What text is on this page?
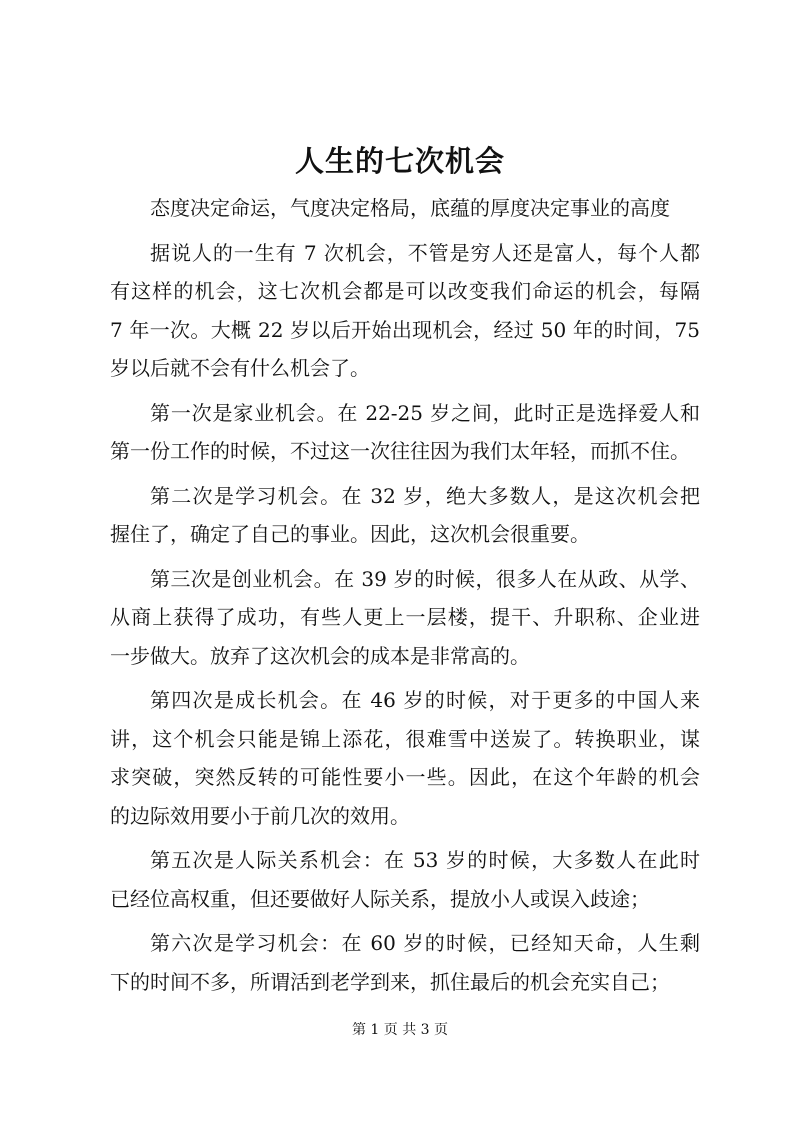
人生的七次机会

态度决定命运，气度决定格局，底蕴的厚度决定事业的高度

据说人的一生有 7 次机会，不管是穷人还是富人，每个人都
有这样的机会，这七次机会都是可以改变我们命运的机会，每隔
7 年一次。大概 22 岁以后开始出现机会，经过 50 年的时间，75
岁以后就不会有什么机会了。

第一次是家业机会。在 22-25 岁之间，此时正是选择爱人和
第一份工作的时候，不过这一次往往因为我们太年轻，而抓不住。

第二次是学习机会。在 32 岁，绝大多数人，是这次机会把
握住了，确定了自己的事业。因此，这次机会很重要。

第三次是创业机会。在 39 岁的时候，很多人在从政、从学、
从商上获得了成功，有些人更上一层楼，提干、升职称、企业进
一步做大。放弃了这次机会的成本是非常高的。

第四次是成长机会。在 46 岁的时候，对于更多的中国人来
讲，这个机会只能是锦上添花，很难雪中送炭了。转换职业，谋
求突破，突然反转的可能性要小一些。因此，在这个年龄的机会
的边际效用要小于前几次的效用。

第五次是人际关系机会：在 53 岁的时候，大多数人在此时
已经位高权重，但还要做好人际关系，提放小人或误入歧途；

第六次是学习机会：在 60 岁的时候，已经知天命，人生剩
下的时间不多，所谓活到老学到来，抓住最后的机会充实自己；

第 1 页 共 3 页
